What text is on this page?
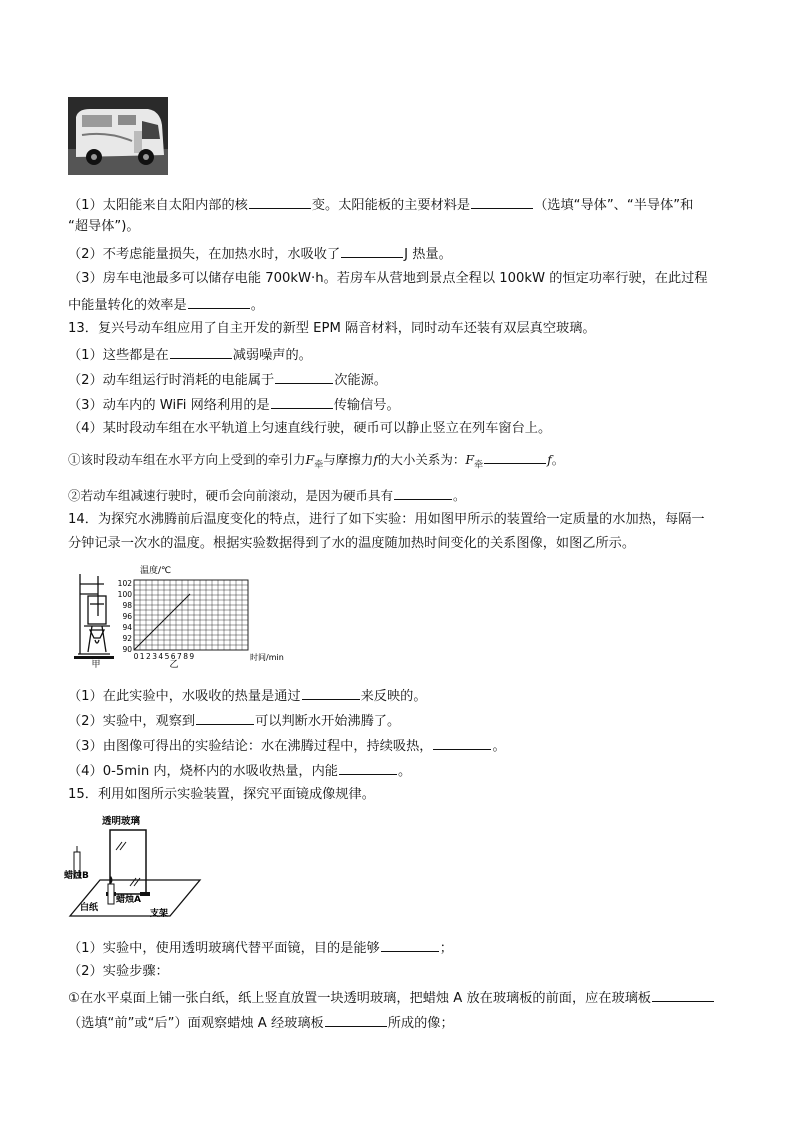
（1）太阳能来自太阳内部的核	变。太阳能板的主要材料是	（选填“导体”、“半导体”和
“超导体”)。
（2）不考虑能量损失，在加热水时，水吸收了	J 热量。
（3）房车电池最多可以储存电能 700kW·h。若房车从营地到景点全程以 100kW 的恒定功率行驶，在此过程
中能量转化的效率是	。
13．复兴号动车组应用了自主开发的新型 EPM 隔音材料，同时动车还装有双层真空玻璃。
（1）这些都是在	减弱噪声的。
（2）动车组运行时消耗的电能属于	次能源。
（3）动车内的 WiFi 网络利用的是	传输信号。
（4）某时段动车组在水平轨道上匀速直线行驶，硬币可以静止竖立在列车窗台上。
①该时段动车组在水平方向上受到的牵引力$F_牵$与摩擦力f的大小关系为：$F_牵$	f。
②若动车组减速行驶时，硬币会向前滚动，是因为硬币具有	。
14．为探究水沸腾前后温度变化的特点，进行了如下实验：用如图甲所示的装置给一定质量的水加热，每隔一
分钟记录一次水的温度。根据实验数据得到了水的温度随加热时间变化的关系图像，如图乙所示。
甲
温度/℃
102
100
98
96
94
92
90
0 1 2 3 4 5 6 7 8 9	时间/min
乙
（1）在此实验中，水吸收的热量是通过	来反映的。
（2）实验中，观察到	可以判断水开始沸腾了。
（3）由图像可得出的实验结论：水在沸腾过程中，持续吸热，	。
（4）0-5min 内，烧杯内的水吸收热量，内能	。
15．利用如图所示实验装置，探究平面镜成像规律。
透明玻璃
蜡烛B
蜡烛A
白纸
支架
（1）实验中，使用透明玻璃代替平面镜，目的是能够	；
（2）实验步骤：
①在水平桌面上铺一张白纸，纸上竖直放置一块透明玻璃，把蜡烛 A 放在玻璃板的前面，应在玻璃板
（选填“前”或“后”）面观察蜡烛 A 经玻璃板	所成的像；
